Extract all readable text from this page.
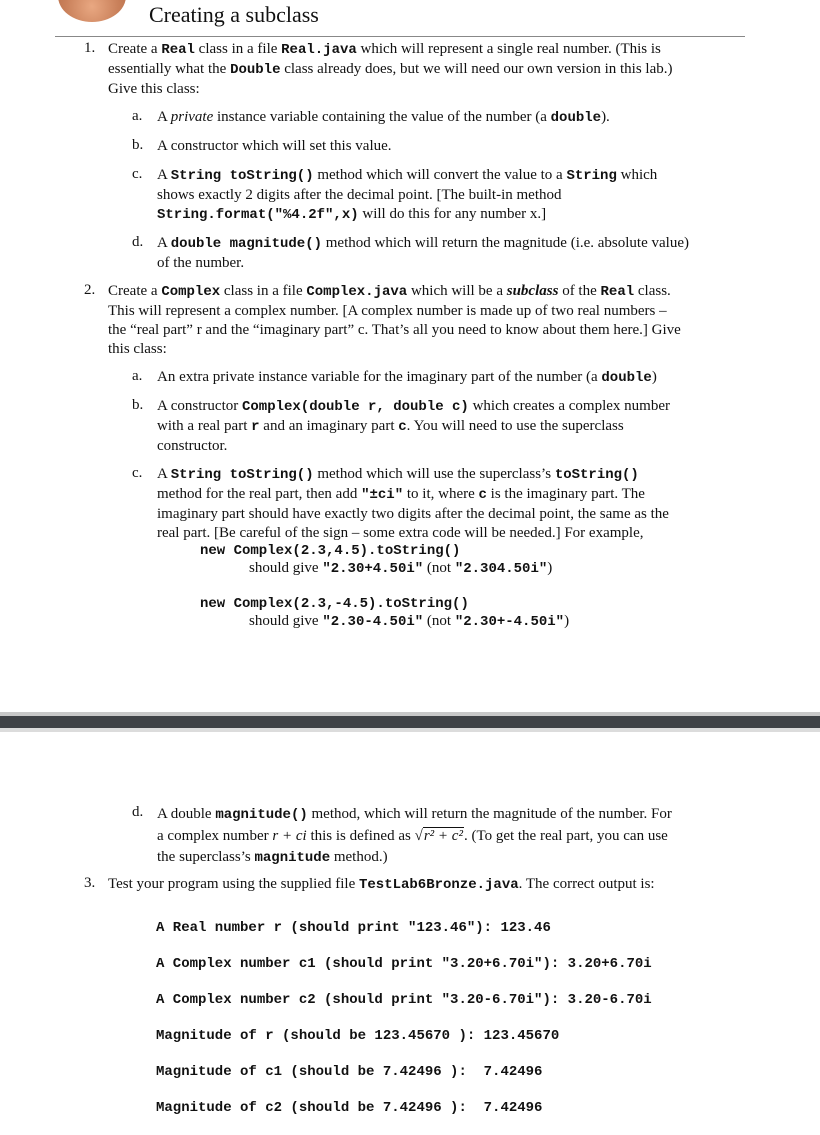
Creating a subclass
1. Create a Real class in a file Real.java which will represent a single real number. (This is
essentially what the Double class already does, but we will need our own version in this lab.)
Give this class:
a. A private instance variable containing the value of the number (a double).
b. A constructor which will set this value.
c. A String toString() method which will convert the value to a String which
shows exactly 2 digits after the decimal point. [The built-in method
String.format("%4.2f",x) will do this for any number x.]
d. A double magnitude() method which will return the magnitude (i.e. absolute value)
of the number.
2. Create a Complex class in a file Complex.java which will be a subclass of the Real class.
This will represent a complex number. [A complex number is made up of two real numbers –
the “real part” r and the “imaginary part” c. That’s all you need to know about them here.] Give
this class:
a. An extra private instance variable for the imaginary part of the number (a double)
b. A constructor Complex(double r, double c) which creates a complex number
with a real part r and an imaginary part c. You will need to use the superclass
constructor.
c. A String toString() method which will use the superclass’s toString()
method for the real part, then add "±ci" to it, where c is the imaginary part. The
imaginary part should have exactly two digits after the decimal point, the same as the
real part. [Be careful of the sign – some extra code will be needed.] For example,
new Complex(2.3,4.5).toString()
should give "2.30+4.50i" (not "2.304.50i")
new Complex(2.3,-4.5).toString()
should give "2.30-4.50i" (not "2.30+-4.50i")
d. A double magnitude() method, which will return the magnitude of the number. For
a complex number r + ci this is defined as √r² + c². (To get the real part, you can use
the superclass’s magnitude method.)
3. Test your program using the supplied file TestLab6Bronze.java. The correct output is:

A Real number r (should print "123.46"): 123.46

A Complex number c1 (should print "3.20+6.70i"): 3.20+6.70i

A Complex number c2 (should print "3.20-6.70i"): 3.20-6.70i

Magnitude of r (should be 123.45670 ): 123.45670

Magnitude of c1 (should be 7.42496 ):  7.42496

Magnitude of c2 (should be 7.42496 ):  7.42496
